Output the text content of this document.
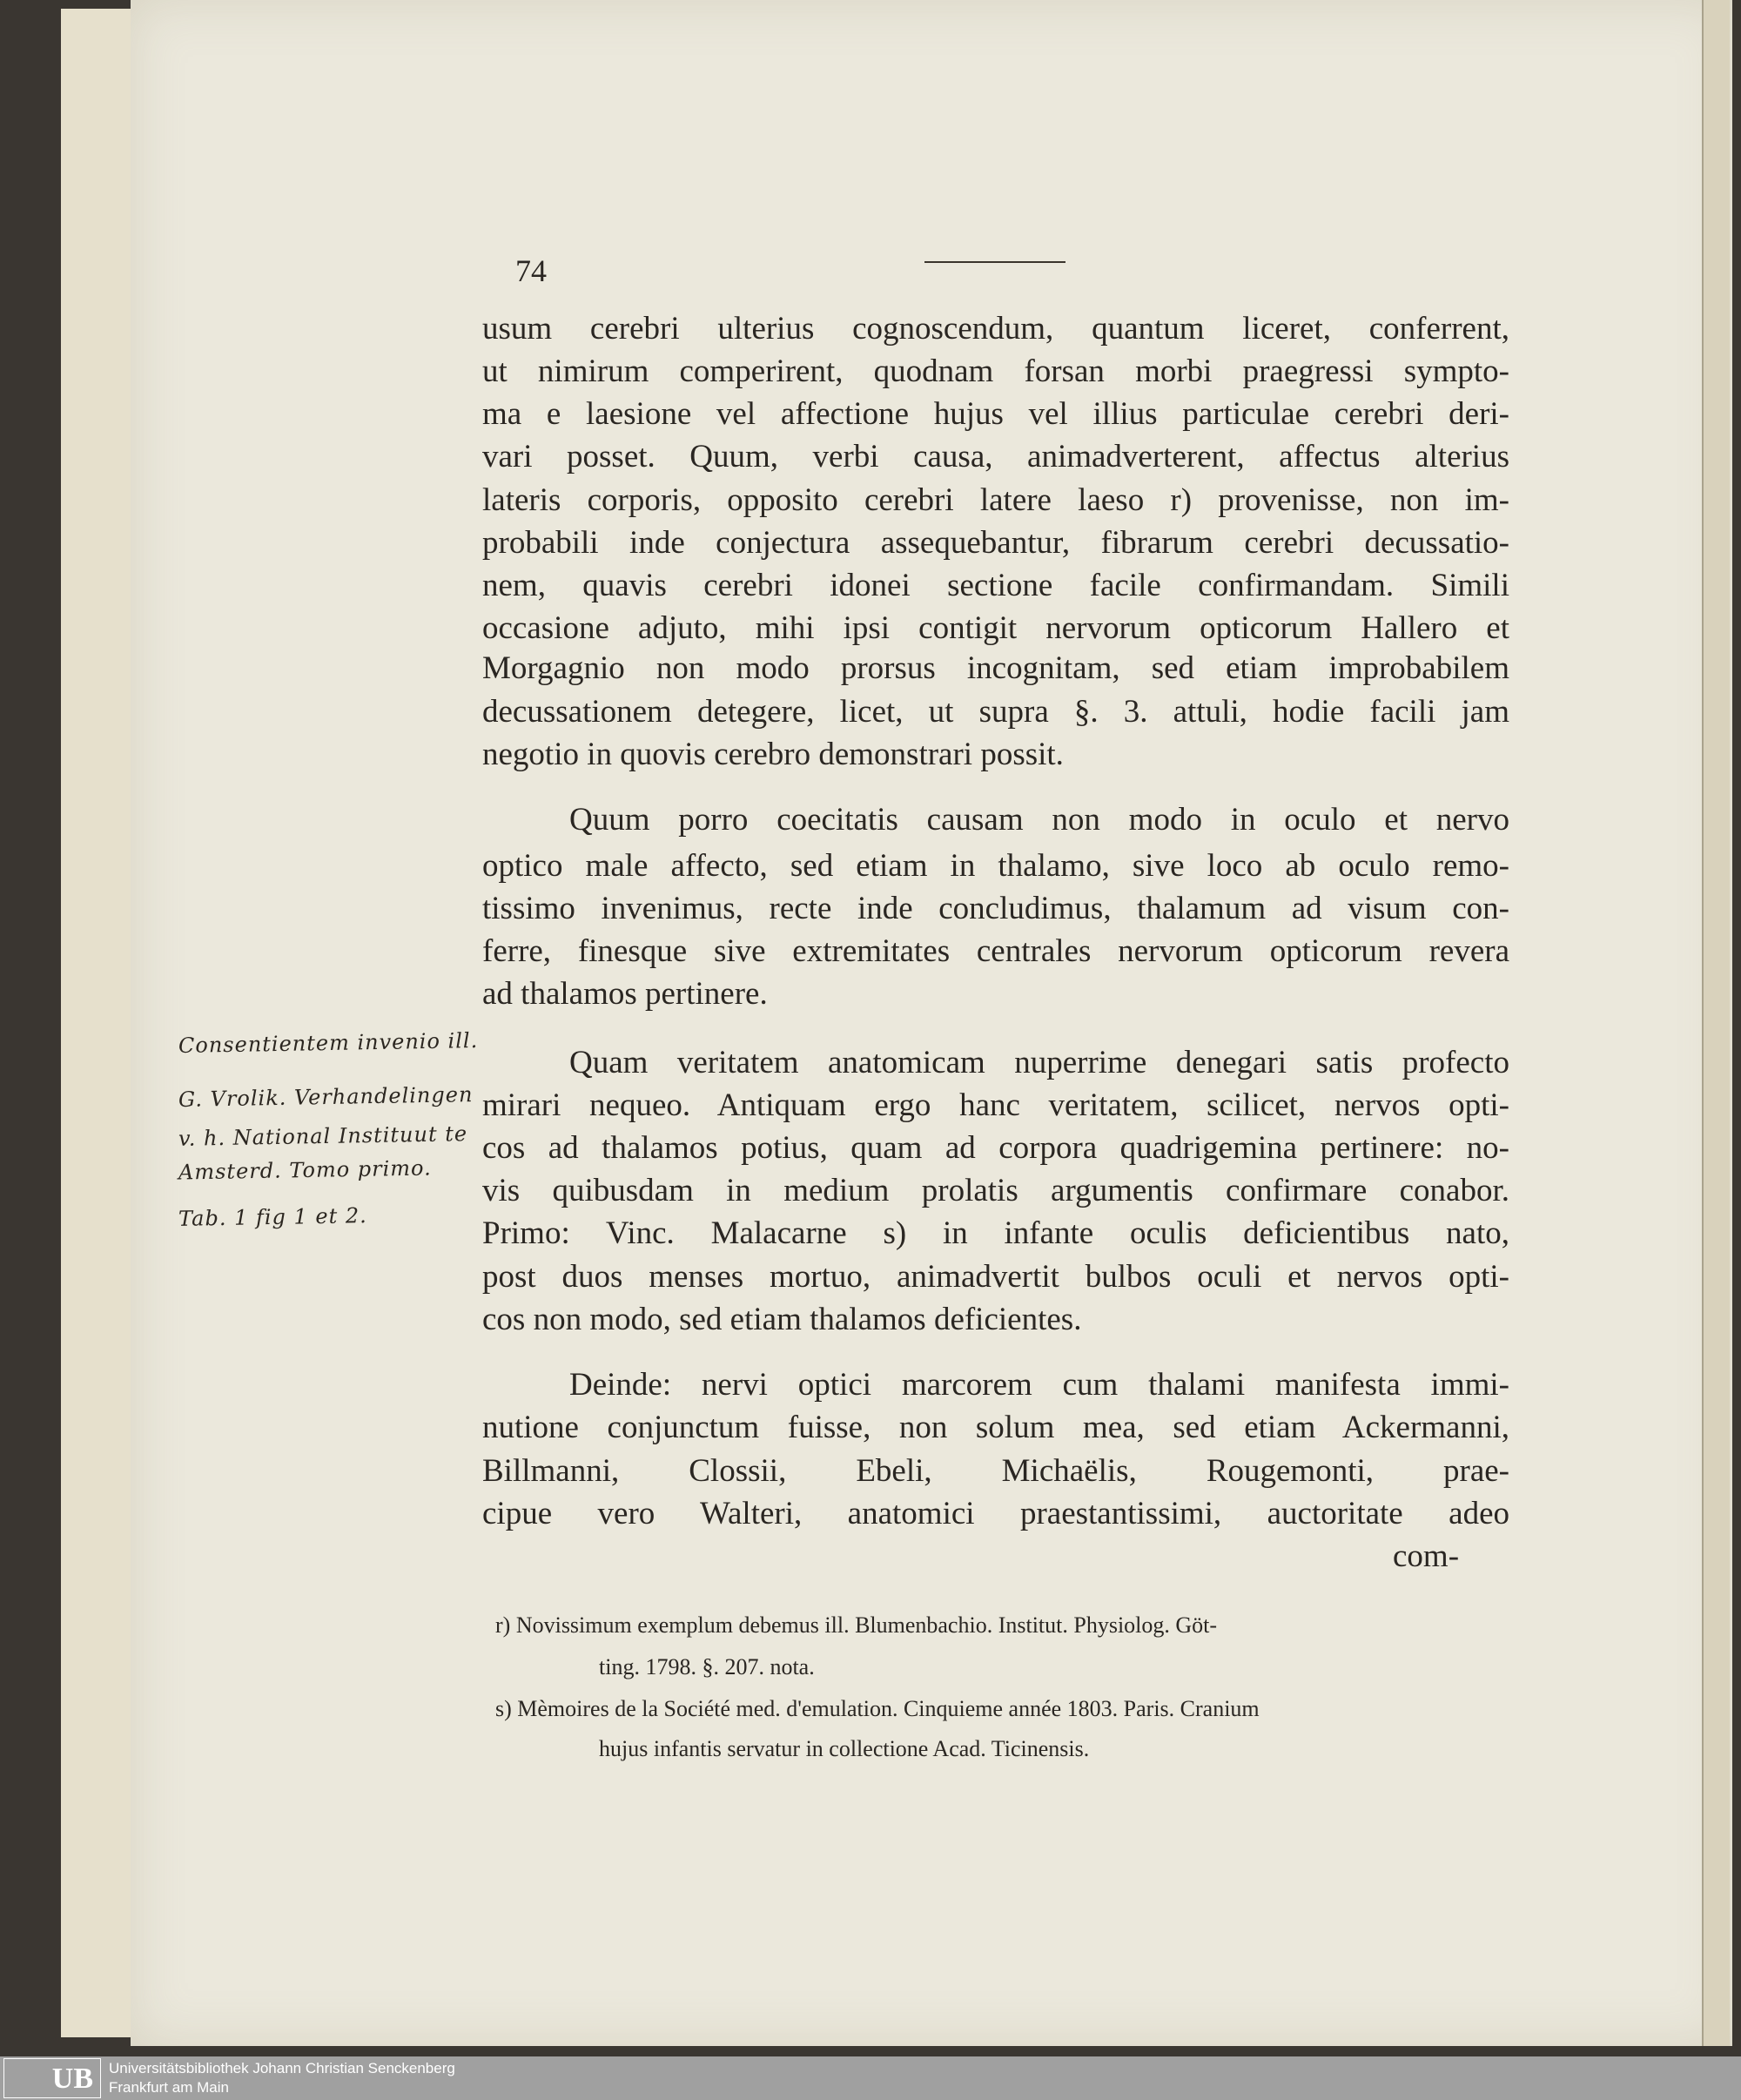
74
usum cerebri ulterius cognoscendum, quantum liceret, conferrent,
ut nimirum comperirent, quodnam forsan morbi praegressi sympto-
ma e laesione vel affectione hujus vel illius particulae cerebri deri-
vari posset. Quum, verbi causa, animadverterent, affectus alterius
lateris corporis, opposito cerebri latere laeso r) provenisse, non im-
probabili inde conjectura assequebantur, fibrarum cerebri decussatio-
nem, quavis cerebri idonei sectione facile confirmandam. Simili
occasione adjuto, mihi ipsi contigit nervorum opticorum Hallero et
Morgagnio non modo prorsus incognitam, sed etiam improbabilem
decussationem detegere, licet, ut supra §. 3. attuli, hodie facili jam
negotio in quovis cerebro demonstrari possit.
Quum porro coecitatis causam non modo in oculo et nervo
optico male affecto, sed etiam in thalamo, sive loco ab oculo remo-
tissimo invenimus, recte inde concludimus, thalamum ad visum con-
ferre, finesque sive extremitates centrales nervorum opticorum revera
ad thalamos pertinere.
Quam veritatem anatomicam nuperrime denegari satis profecto
mirari nequeo. Antiquam ergo hanc veritatem, scilicet, nervos opti-
cos ad thalamos potius, quam ad corpora quadrigemina pertinere: no-
vis quibusdam in medium prolatis argumentis confirmare conabor.
Primo: Vinc. Malacarne s) in infante oculis deficientibus nato,
post duos menses mortuo, animadvertit bulbos oculi et nervos opti-
cos non modo, sed etiam thalamos deficientes.
Deinde: nervi optici marcorem cum thalami manifesta immi-
nutione conjunctum fuisse, non solum mea, sed etiam Ackermanni,
Billmanni, Clossii, Ebeli, Michaëlis, Rougemonti, prae-
cipue vero Walteri, anatomici praestantissimi, auctoritate adeo
com-
r) Novissimum exemplum debemus ill. Blumenbachio. Institut. Physiolog. Göt-
ting. 1798. §. 207. nota.
s) Mèmoires de la Société med. d'emulation. Cinquieme année 1803. Paris. Cranium
hujus infantis servatur in collectione Acad. Ticinensis.
Consentientem invenio ill.
G. Vrolik. Verhandelingen
v. h. National Instituut te
Amsterd. Tomo primo.
Tab. 1 fig 1 et 2.
UB	Universitätsbibliothek Johann Christian Senckenberg
Frankfurt am Main
